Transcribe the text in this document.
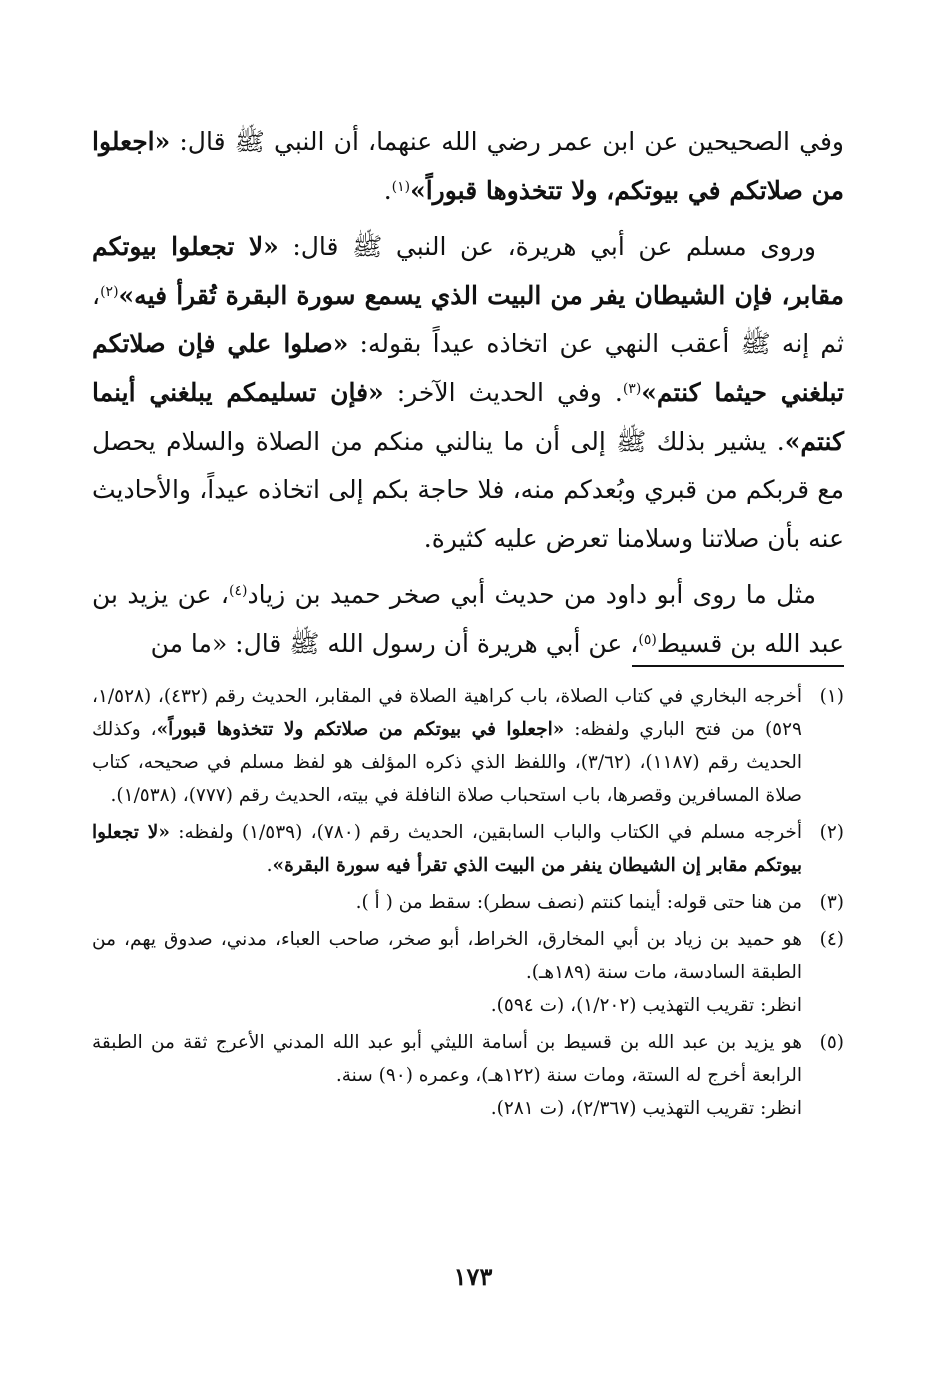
وفي الصحيحين عن ابن عمر رضي الله عنهما، أن النبي ﷺ قال: «اجعلوا من صلاتكم في بيوتكم، ولا تتخذوها قبوراً»$^{(١)}$.

وروى مسلم عن أبي هريرة، عن النبي ﷺ قال: «لا تجعلوا بيوتكم مقابر، فإن الشيطان يفر من البيت الذي يسمع سورة البقرة تُقرأ فيه»$^{(٢)}$، ثم إنه ﷺ أعقب النهي عن اتخاذه عيداً بقوله: «صلوا علي فإن صلاتكم تبلغني حيثما كنتم»$^{(٣)}$. وفي الحديث الآخر: «فإن تسليمكم يبلغني أينما كنتم». يشير بذلك ﷺ إلى أن ما ينالني منكم من الصلاة والسلام يحصل مع قربكم من قبري وبُعدكم منه، فلا حاجة بكم إلى اتخاذه عيداً، والأحاديث عنه بأن صلاتنا وسلامنا تعرض عليه كثيرة.

مثل ما روى أبو داود من حديث أبي صخر حميد بن زياد$^{(٤)}$، عن يزيد بن عبد الله بن قسيط$^{(٥)}$، عن أبي هريرة أن رسول الله ﷺ قال: «ما من

(١)

أخرجه البخاري في كتاب الصلاة، باب كراهية الصلاة في المقابر، الحديث رقم (٤٣٢)، (١/٥٢٨، ٥٢٩) من فتح الباري ولفظه: «اجعلوا في بيوتكم من صلاتكم ولا تتخذوها قبوراً»، وكذلك الحديث رقم (١١٨٧)، (٣/٦٢)، واللفظ الذي ذكره المؤلف هو لفظ مسلم في صحيحه، كتاب صلاة المسافرين وقصرها، باب استحباب صلاة النافلة في بيته، الحديث رقم (٧٧٧)، (١/٥٣٨).

(٢)

أخرجه مسلم في الكتاب والباب السابقين، الحديث رقم (٧٨٠)، (١/٥٣٩) ولفظه: «لا تجعلوا بيوتكم مقابر إن الشيطان ينفر من البيت الذي تقرأ فيه سورة البقرة».

(٣)

من هنا حتى قوله: أينما كنتم (نصف سطر): سقط من ( أ ).

(٤)

هو حميد بن زياد بن أبي المخارق، الخراط، أبو صخر، صاحب العباء، مدني، صدوق يهم، من الطبقة السادسة، مات سنة (١٨٩هـ).

انظر: تقريب التهذيب (١/٢٠٢)، (ت ٥٩٤).

(٥)

هو يزيد بن عبد الله بن قسيط بن أسامة الليثي أبو عبد الله المدني الأعرج ثقة من الطبقة الرابعة أخرج له الستة، ومات سنة (١٢٢هـ)، وعمره (٩٠) سنة.

انظر: تقريب التهذيب (٢/٣٦٧)، (ت ٢٨١).

١٧٣
